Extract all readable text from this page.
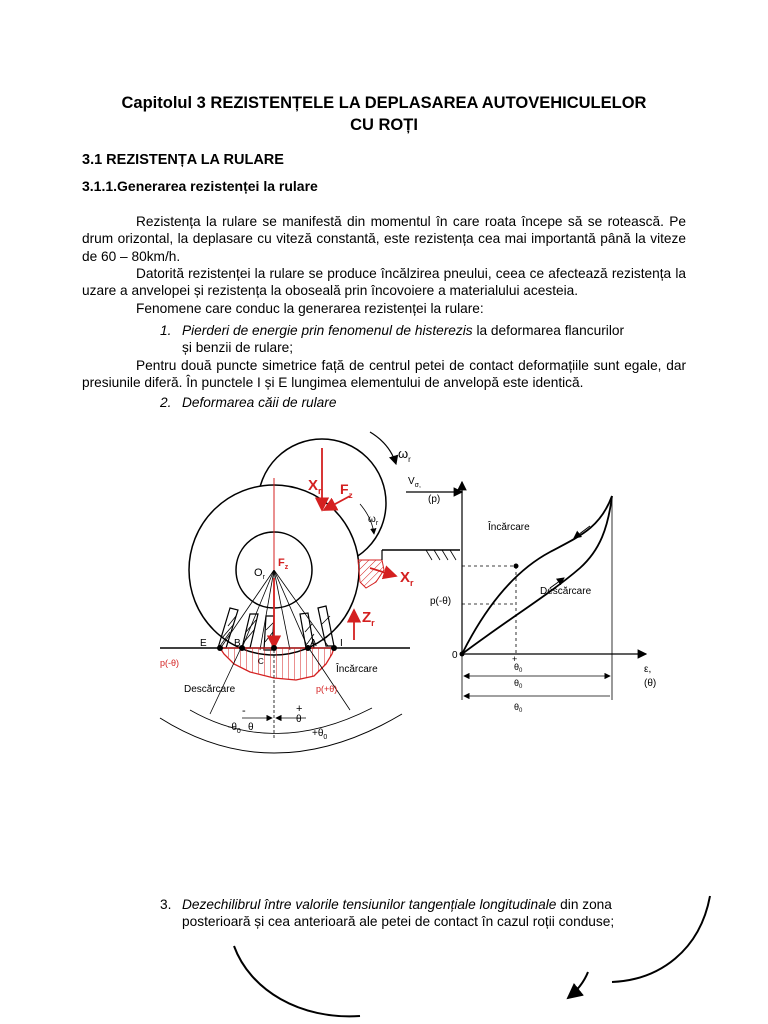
Capitolul 3 REZISTENȚELE LA DEPLASAREA AUTOVEHICULELOR
CU ROȚI
3.1 REZISTENȚA LA RULARE
3.1.1.Generarea rezistenței la rulare
Rezistența la rulare se manifestă din momentul în care roata începe să se rotească. Pe drum orizontal, la deplasare cu viteză constantă, este rezistența cea mai importantă până la viteze de 60 – 80km/h.
Datorită rezistenței la rulare se produce încălzirea pneului, ceea ce afectează rezistența la uzare a anvelopei și rezistența la oboseală prin încovoiere a materialului acesteia.
Fenomene care conduc la generarea rezistenței la rulare:
1. Pierderi de energie prin fenomenul de histerezis la deformarea flancurilor
și benzii de rulare;
Pentru două puncte simetrice față de centrul petei de contact deformațiile sunt egale, dar presiunile diferă. În punctele I și E lungimea elementului de anvelopă este identică.
2. Deformarea căii de rulare
$\omega_r$
$X_r$ $F_z$
$\omega_r$
$F_z$
$O_r$	$X_r$
$Z_r$
$V_{\sigma,}$
(p)
E	B	A I
C
p(-θ)
p(+θ)
Încărcare
Descărcare
-	+
θ
θ
$-\theta_0$	$+\theta_0$
Încărcare
Descărcare
p(-θ)
0
ε,
(θ)
+
$\theta_0$
$\theta_0$
$\theta_0$
3. Dezechilibrul între valorile tensiunilor tangențiale longitudinale din zona
posterioară și cea anterioară ale petei de contact în cazul roții conduse;
